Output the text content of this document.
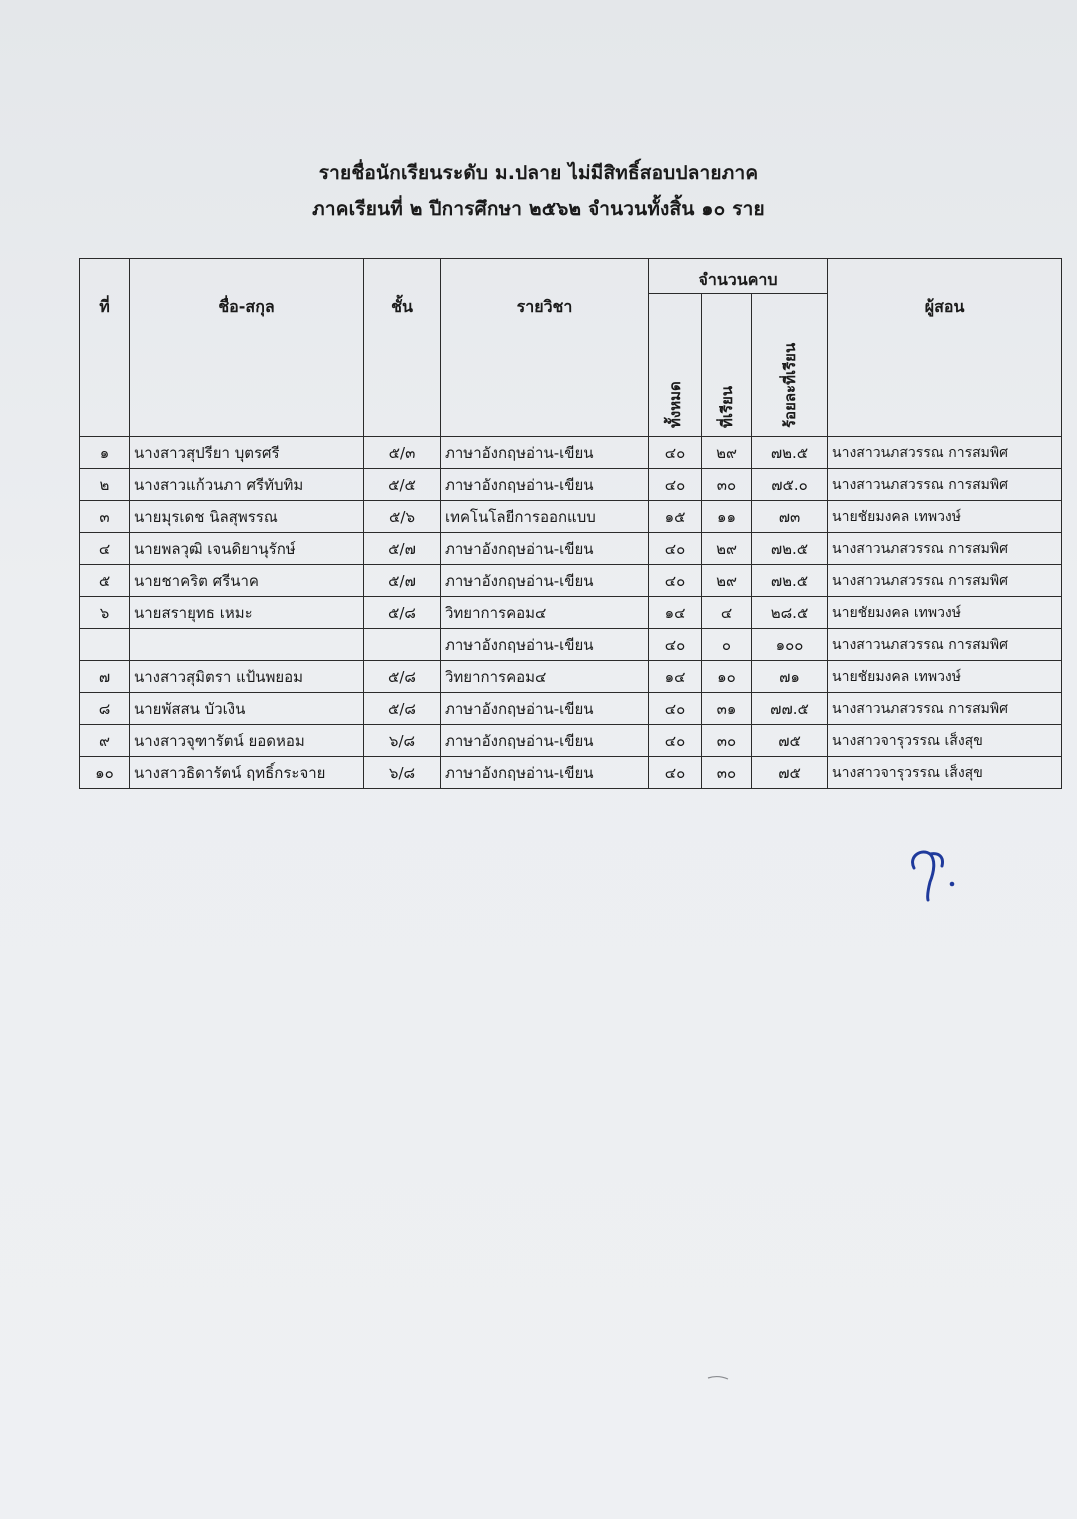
รายชื่อนักเรียนระดับ ม.ปลาย ไม่มีสิทธิ์สอบปลายภาค
ภาคเรียนที่ ๒ ปีการศึกษา ๒๕๖๒ จำนวนทั้งสิ้น ๑๐ ราย
ที่	ชื่อ-สกุล	ชั้น	รายวิชา	จำนวนคาบ			ผู้สอน

				ทั้งหมด	ที่เรียน	ร้อยละที่เรียน	

๑	นางสาวสุปรียา บุตรศรี	๕/๓	ภาษาอังกฤษอ่าน-เขียน	๔๐	๒๙	๗๒.๕	นางสาวนภสวรรณ การสมพิศ
๒	นางสาวแก้วนภา ศรีทับทิม	๕/๕	ภาษาอังกฤษอ่าน-เขียน	๔๐	๓๐	๗๕.๐	นางสาวนภสวรรณ การสมพิศ
๓	นายมุรเดช นิลสุพรรณ	๕/๖	เทคโนโลยีการออกแบบ	๑๕	๑๑	๗๓	นายชัยมงคล เทพวงษ์
๔	นายพลวุฒิ เจนดิยานุรักษ์	๕/๗	ภาษาอังกฤษอ่าน-เขียน	๔๐	๒๙	๗๒.๕	นางสาวนภสวรรณ การสมพิศ
๕	นายชาคริต ศรีนาค	๕/๗	ภาษาอังกฤษอ่าน-เขียน	๔๐	๒๙	๗๒.๕	นางสาวนภสวรรณ การสมพิศ
๖	นายสรายุทธ เหมะ	๕/๘	วิทยาการคอม๔	๑๔	๔	๒๘.๕	นายชัยมงคล เทพวงษ์
			ภาษาอังกฤษอ่าน-เขียน	๔๐	๐	๑๐๐	นางสาวนภสวรรณ การสมพิศ
๗	นางสาวสุมิตรา แป้นพยอม	๕/๘	วิทยาการคอม๔	๑๔	๑๐	๗๑	นายชัยมงคล เทพวงษ์
๘	นายพัสสน บัวเงิน	๕/๘	ภาษาอังกฤษอ่าน-เขียน	๔๐	๓๑	๗๗.๕	นางสาวนภสวรรณ การสมพิศ
๙	นางสาวจุฑารัตน์ ยอดหอม	๖/๘	ภาษาอังกฤษอ่าน-เขียน	๔๐	๓๐	๗๕	นางสาวจารุวรรณ เส็งสุข
๑๐	นางสาวธิดารัตน์ ฤทธิ์กระจาย	๖/๘	ภาษาอังกฤษอ่าน-เขียน	๔๐	๓๐	๗๕	นางสาวจารุวรรณ เส็งสุข
